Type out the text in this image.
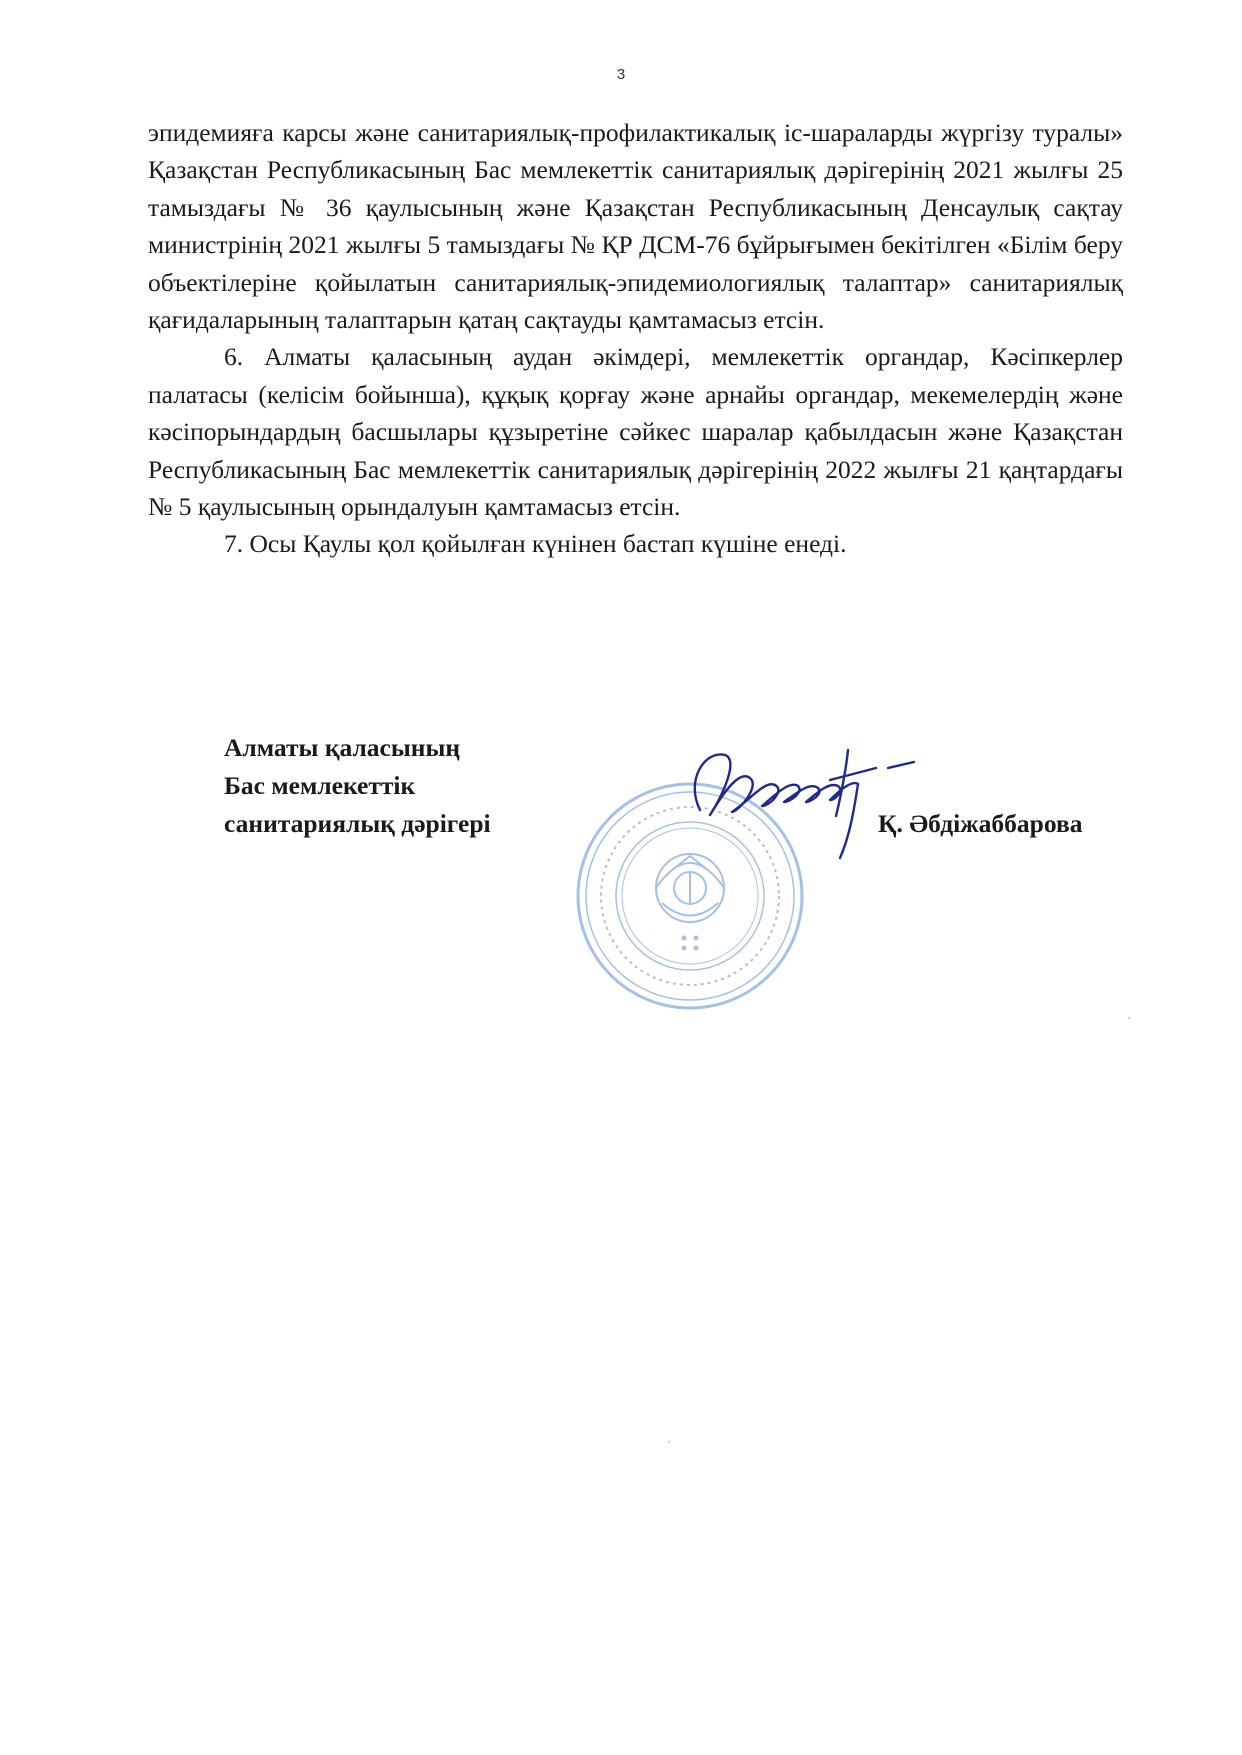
3

эпидемияға карсы және санитариялық-профилактикалық іс-шараларды жүргізу туралы» Қазақстан Республикасының Бас мемлекеттік санитариялық дәрігерінің 2021 жылғы 25 тамыздағы № 36 қаулысының және Қазақстан Республикасының Денсаулық сақтау министрінің 2021 жылғы 5 тамыздағы № ҚР ДСМ-76 бұйрығымен бекітілген «Білім беру объектілеріне қойылатын санитариялық-эпидемиологиялық талаптар» санитариялық қағидаларының талаптарын қатаң сақтауды қамтамасыз етсін.

6. Алматы қаласының аудан әкімдері, мемлекеттік органдар, Кәсіпкерлер палатасы (келісім бойынша), құқық қорғау және арнайы органдар, мекемелердің және кәсіпорындардың басшылары құзыретіне сәйкес шаралар қабылдасын және Қазақстан Республикасының Бас мемлекеттік санитариялық дәрігерінің 2022 жылғы 21 қаңтардағы № 5 қаулысының орындалуын қамтамасыз етсін.

7. Осы Қаулы қол қойылған күнінен бастап күшіне енеді.

Алматы қаласының
Бас мемлекеттік
санитариялық дәрігері	Қ. Әбдіжаббарова
